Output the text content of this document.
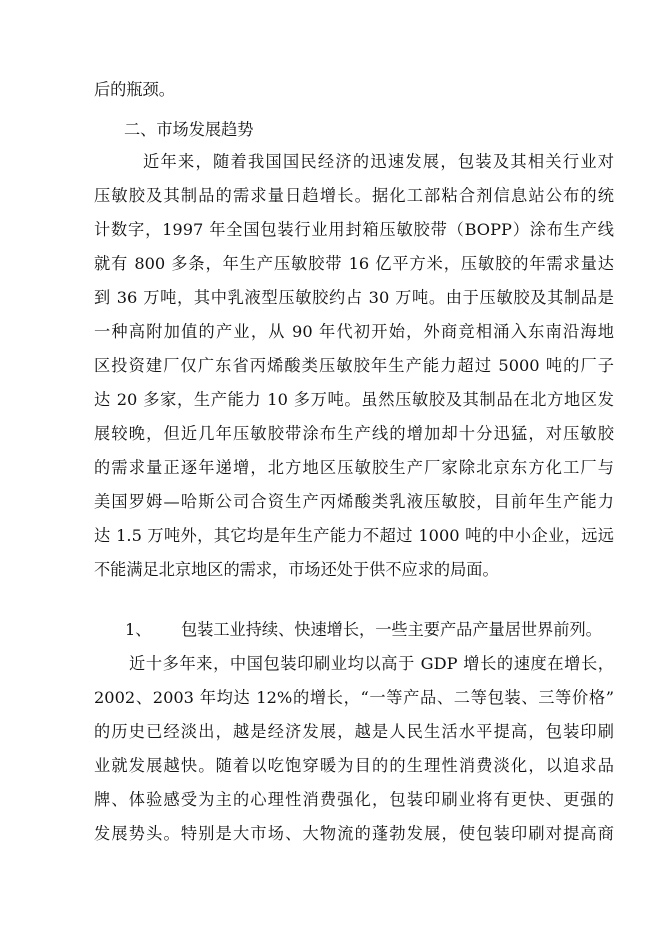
后的瓶颈。
二、市场发展趋势
近年来，随着我国国民经济的迅速发展，包装及其相关行业对
压敏胶及其制品的需求量日趋增长。据化工部粘合剂信息站公布的统
计数字，1997 年全国包装行业用封箱压敏胶带（BOPP）涂布生产线
就有 800 多条，年生产压敏胶带 16 亿平方米，压敏胶的年需求量达
到 36 万吨，其中乳液型压敏胶约占 30 万吨。由于压敏胶及其制品是
一种高附加值的产业，从 90 年代初开始，外商竞相涌入东南沿海地
区投资建厂仅广东省丙烯酸类压敏胶年生产能力超过 5000 吨的厂子
达 20 多家，生产能力 10 多万吨。虽然压敏胶及其制品在北方地区发
展较晚，但近几年压敏胶带涂布生产线的增加却十分迅猛，对压敏胶
的需求量正逐年递增，北方地区压敏胶生产厂家除北京东方化工厂与
美国罗姆—哈斯公司合资生产丙烯酸类乳液压敏胶，目前年生产能力
达 1.5 万吨外，其它均是年生产能力不超过 1000 吨的中小企业，远远
不能满足北京地区的需求，市场还处于供不应求的局面。
1、 包装工业持续、快速增长，一些主要产品产量居世界前列。
近十多年来，中国包装印刷业均以高于 GDP 增长的速度在增长，
2002、2003 年均达 12%的增长，“一等产品、二等包装、三等价格”
的历史已经淡出，越是经济发展，越是人民生活水平提高，包装印刷
业就发展越快。随着以吃饱穿暖为目的的生理性消费淡化，以追求品
牌、体验感受为主的心理性消费强化，包装印刷业将有更快、更强的
发展势头。特别是大市场、大物流的蓬勃发展，使包装印刷对提高商
